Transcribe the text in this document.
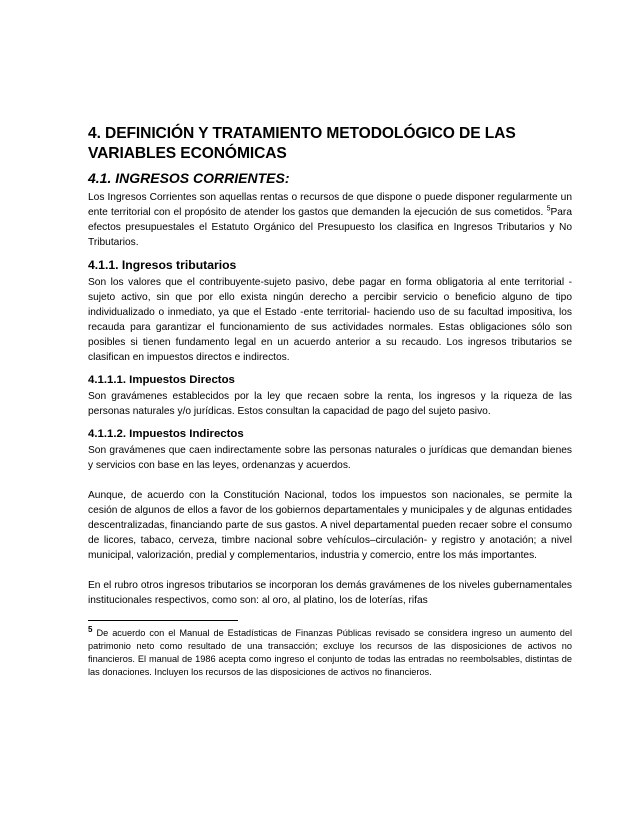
4. DEFINICIÓN Y TRATAMIENTO METODOLÓGICO DE LAS
VARIABLES ECONÓMICAS
4.1. INGRESOS CORRIENTES:

Los Ingresos Corrientes son aquellas rentas o recursos de que dispone o puede disponer regularmente un ente territorial con el propósito de atender los gastos que demanden la ejecución de sus cometidos. $^5$Para efectos presupuestales el Estatuto Orgánico del Presupuesto los clasifica en Ingresos Tributarios y No Tributarios.

4.1.1. Ingresos tributarios

Son los valores que el contribuyente-sujeto pasivo, debe pagar en forma obligatoria al ente territorial -sujeto activo, sin que por ello exista ningún derecho a percibir servicio o beneficio alguno de tipo individualizado o inmediato, ya que el Estado -ente territorial- haciendo uso de su facultad impositiva, los recauda para garantizar el funcionamiento de sus actividades normales. Estas obligaciones sólo son posibles si tienen fundamento legal en un acuerdo anterior a su recaudo. Los ingresos tributarios se clasifican en impuestos directos e indirectos.

4.1.1.1. Impuestos Directos

Son gravámenes establecidos por la ley que recaen sobre la renta, los ingresos y la riqueza de las personas naturales y/o jurídicas. Estos consultan la capacidad de pago del sujeto pasivo.

4.1.1.2. Impuestos Indirectos

Son gravámenes que caen indirectamente sobre las personas naturales o jurídicas que demandan bienes y servicios con base en las leyes, ordenanzas y acuerdos.

Aunque, de acuerdo con la Constitución Nacional, todos los impuestos son nacionales, se permite la cesión de algunos de ellos a favor de los gobiernos departamentales y municipales y de algunas entidades descentralizadas, financiando parte de sus gastos. A nivel departamental pueden recaer sobre el consumo de licores, tabaco, cerveza, timbre nacional sobre vehículos–circulación- y registro y anotación; a nivel municipal, valorización, predial y complementarios, industria y comercio, entre los más importantes.

En el rubro otros ingresos tributarios se incorporan los demás gravámenes de los niveles gubernamentales institucionales respectivos, como son: al oro, al platino, los de loterías, rifas

5 De acuerdo con el Manual de Estadísticas de Finanzas Públicas revisado se considera ingreso un aumento del patrimonio neto como resultado de una transacción; excluye los recursos de las disposiciones de activos no financieros. El manual de 1986 acepta como ingreso el conjunto de todas las entradas no reembolsables, distintas de las donaciones. Incluyen los recursos de las disposiciones de activos no financieros.
